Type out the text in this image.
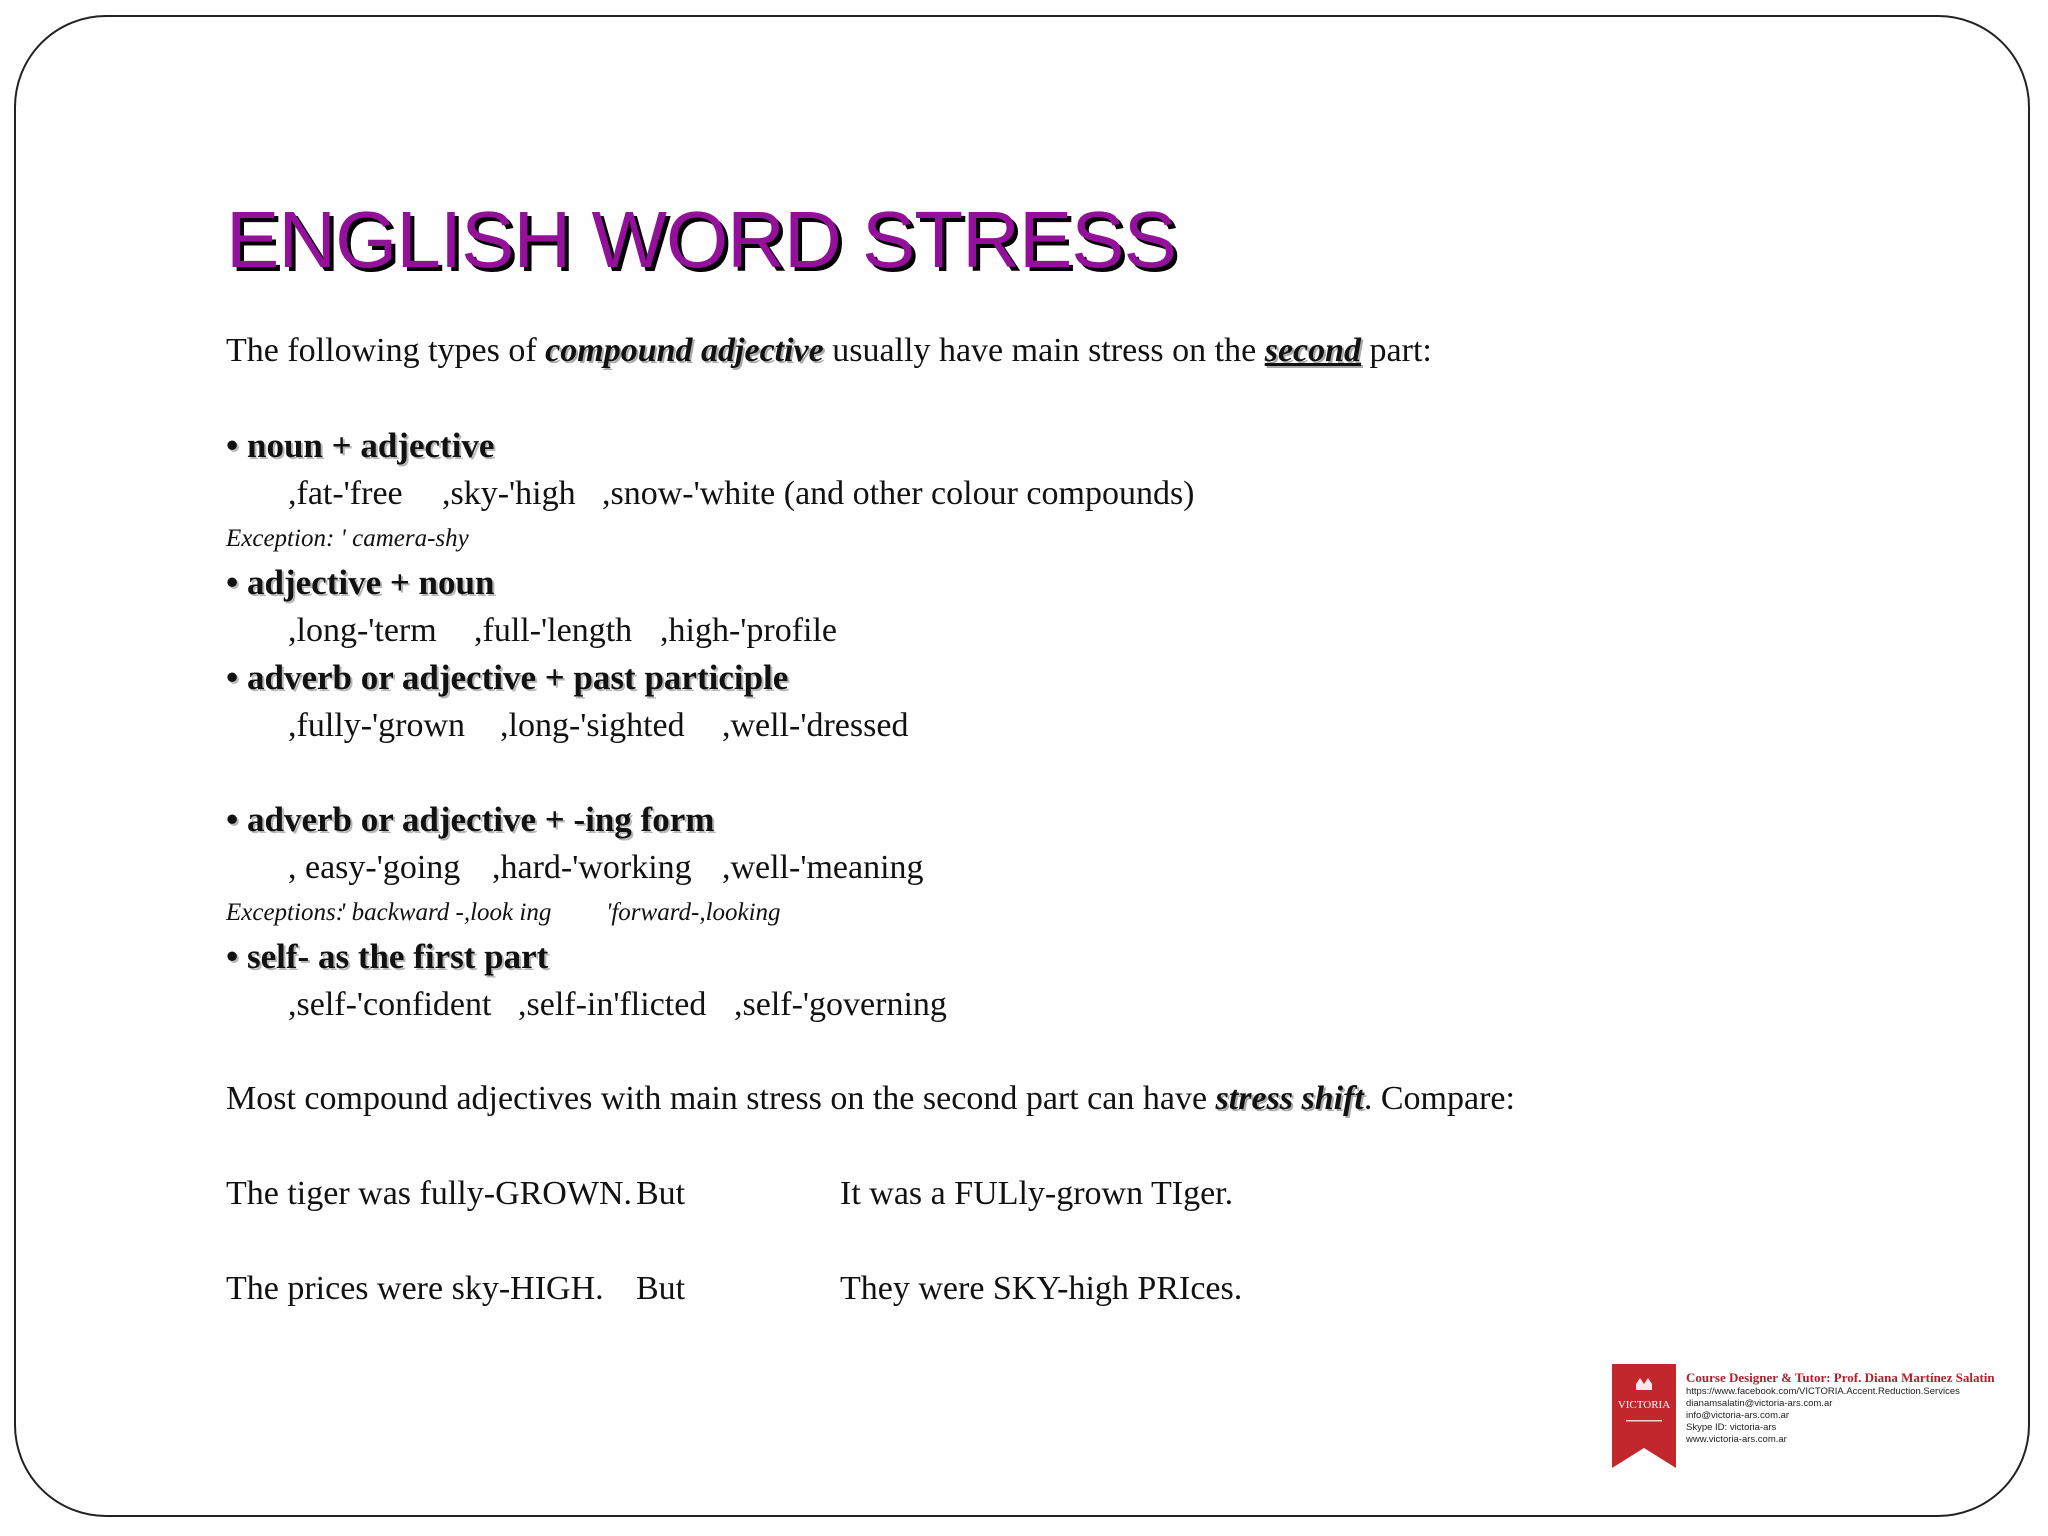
ENGLISH WORD STRESS
The following types of compound adjective usually have main stress on the second part:
• noun + adjective
,fat-'free ,sky-'high ,snow-'white (and other colour compounds)
Exception: ' camera-shy
• adjective + noun
,long-'term ,full-'length ,high-'profile
• adverb or adjective + past participle
,fully-'grown ,long-'sighted ,well-'dressed
• adverb or adjective + -ing form
, easy-'going ,hard-'working ,well-'meaning
Exceptions:
' backward -,look ing 'forward-,looking
• self- as the first part
,self-'confident ,self-in'flicted ,self-'governing
Most compound adjectives with main stress on the second part can have stress shift. Compare:
The tiger was fully-GROWN. But	It was a FULly-grown TIger.
The prices were sky-HIGH. But	They were SKY-high PRIces.
VICTORIA
Course Designer & Tutor: Prof. Diana Martínez Salatin
https://www.facebook.com/VICTORIA.Accent.Reduction.Services
dianamsalatin@victoria-ars.com.ar
info@victoria-ars.com.ar
Skype ID: victoria-ars
www.victoria-ars.com.ar
